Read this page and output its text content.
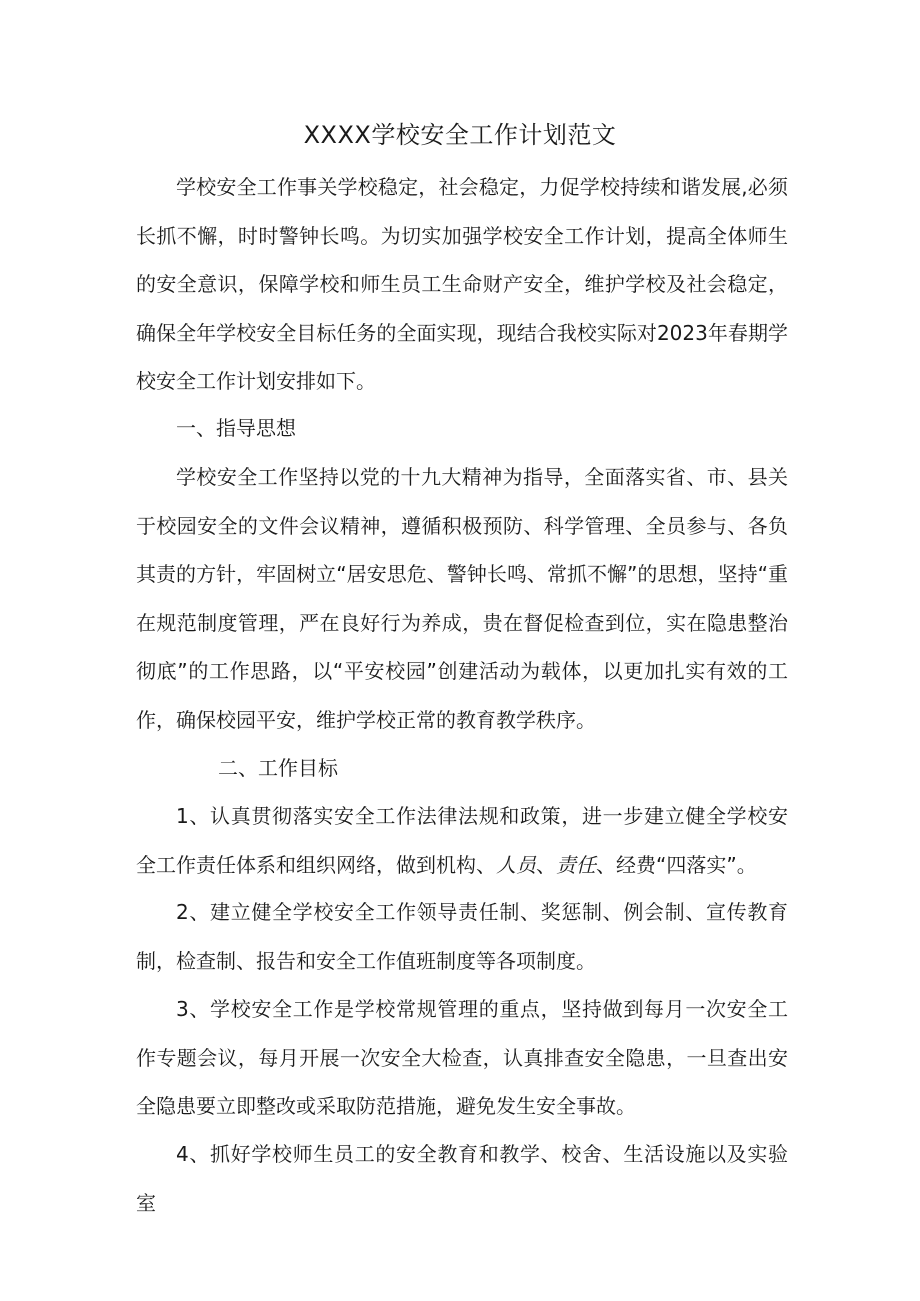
XXXX学校安全工作计划范文

学校安全工作事关学校稳定，社会稳定，力促学校持续和谐发展,必须长抓不懈，时时警钟长鸣。为切实加强学校安全工作计划，提高全体师生的安全意识，保障学校和师生员工生命财产安全，维护学校及社会稳定，确保全年学校安全目标任务的全面实现，现结合我校实际对2023年春期学校安全工作计划安排如下。

一、指导思想

学校安全工作坚持以党的十九大精神为指导，全面落实省、市、县关于校园安全的文件会议精神，遵循积极预防、科学管理、全员参与、各负其责的方针，牢固树立“居安思危、警钟长鸣、常抓不懈”的思想，坚持“重在规范制度管理，严在良好行为养成，贵在督促检查到位，实在隐患整治彻底”的工作思路，以“平安校园”创建活动为载体，以更加扎实有效的工作，确保校园平安，维护学校正常的教育教学秩序。

二、工作目标

1、认真贯彻落实安全工作法律法规和政策，进一步建立健全学校安全工作责任体系和组织网络，做到机构、人员、责任、经费“四落实”。

2、建立健全学校安全工作领导责任制、奖惩制、例会制、宣传教育制，检查制、报告和安全工作值班制度等各项制度。

3、学校安全工作是学校常规管理的重点，坚持做到每月一次安全工作专题会议，每月开展一次安全大检查，认真排查安全隐患，一旦查出安全隐患要立即整改或采取防范措施，避免发生安全事故。

4、抓好学校师生员工的安全教育和教学、校舍、生活设施以及实验室
